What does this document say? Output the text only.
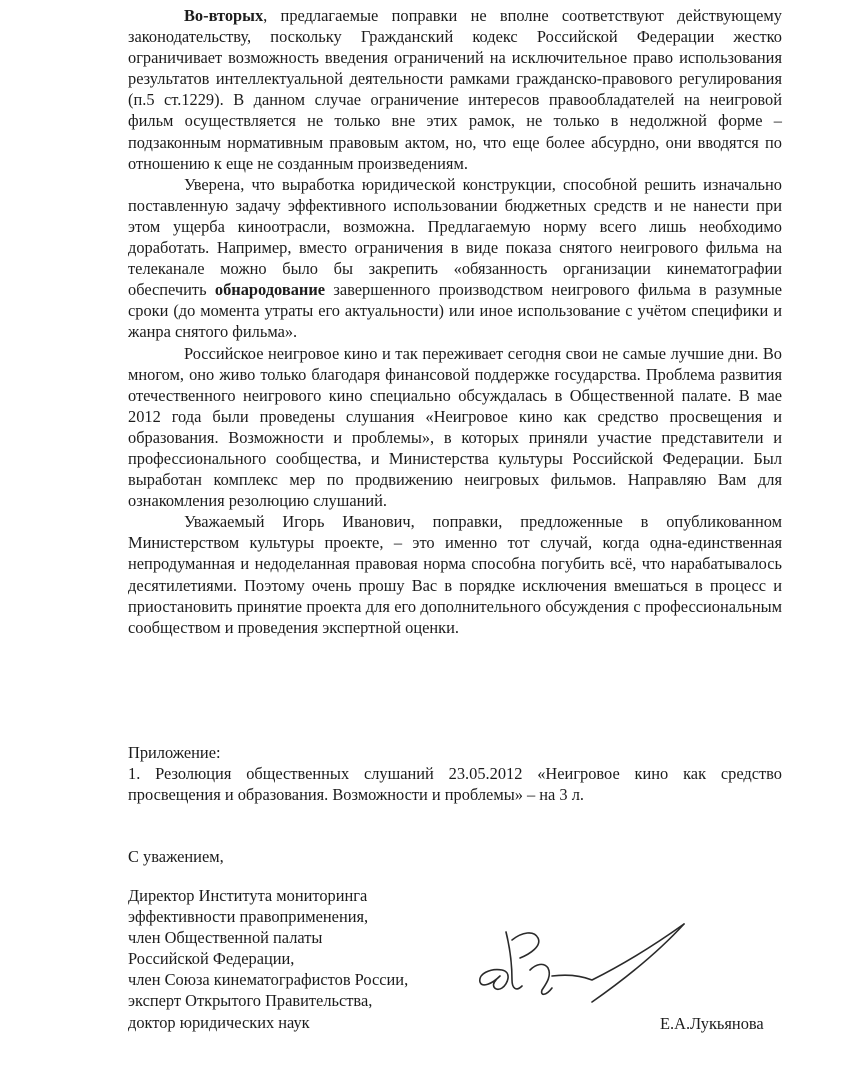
Во-вторых, предлагаемые поправки не вполне соответствуют действующему законодательству, поскольку Гражданский кодекс Российской Федерации жестко ограничивает возможность введения ограничений на исключительное право использования результатов интеллектуальной деятельности рамками гражданско-правового регулирования (п.5 ст.1229). В данном случае ограничение интересов правообладателей на неигровой фильм осуществляется не только вне этих рамок, не только в недолжной форме – подзаконным нормативным правовым актом, но, что еще более абсурдно, они вводятся по отношению к еще не созданным произведениям.

Уверена, что выработка юридической конструкции, способной решить изначально поставленную задачу эффективного использовании бюджетных средств и не нанести при этом ущерба киноотрасли, возможна. Предлагаемую норму всего лишь необходимо доработать. Например, вместо ограничения в виде показа снятого неигрового фильма на телеканале можно было бы закрепить «обязанность организации кинематографии обеспечить обнародование завершенного производством неигрового фильма в разумные сроки (до момента утраты его актуальности) или иное использование с учётом специфики и жанра снятого фильма».

Российское неигровое кино и так переживает сегодня свои не самые лучшие дни. Во многом, оно живо только благодаря финансовой поддержке государства. Проблема развития отечественного неигрового кино специально обсуждалась в Общественной палате. В мае 2012 года были проведены слушания «Неигровое кино как средство просвещения и образования. Возможности и проблемы», в которых приняли участие представители и профессионального сообщества, и Министерства культуры Российской Федерации. Был выработан комплекс мер по продвижению неигровых фильмов. Направляю Вам для ознакомления резолюцию слушаний.

Уважаемый Игорь Иванович, поправки, предложенные в опубликованном Министерством культуры проекте, – это именно тот случай, когда одна-единственная непродуманная и недоделанная правовая норма способна погубить всё, что нарабатывалось десятилетиями. Поэтому очень прошу Вас в порядке исключения вмешаться в процесс и приостановить принятие проекта для его дополнительного обсуждения с профессиональным сообществом и проведения экспертной оценки.

Приложение:
1. Резолюция общественных слушаний 23.05.2012 «Неигровое кино как средство просвещения и образования. Возможности и проблемы» – на 3 л.
С уважением,
Директор Института мониторинга
эффективности правоприменения,
член Общественной палаты
Российской Федерации,
член Союза кинематографистов России,
эксперт Открытого Правительства,
доктор юридических наук	Е.А.Лукьянова
